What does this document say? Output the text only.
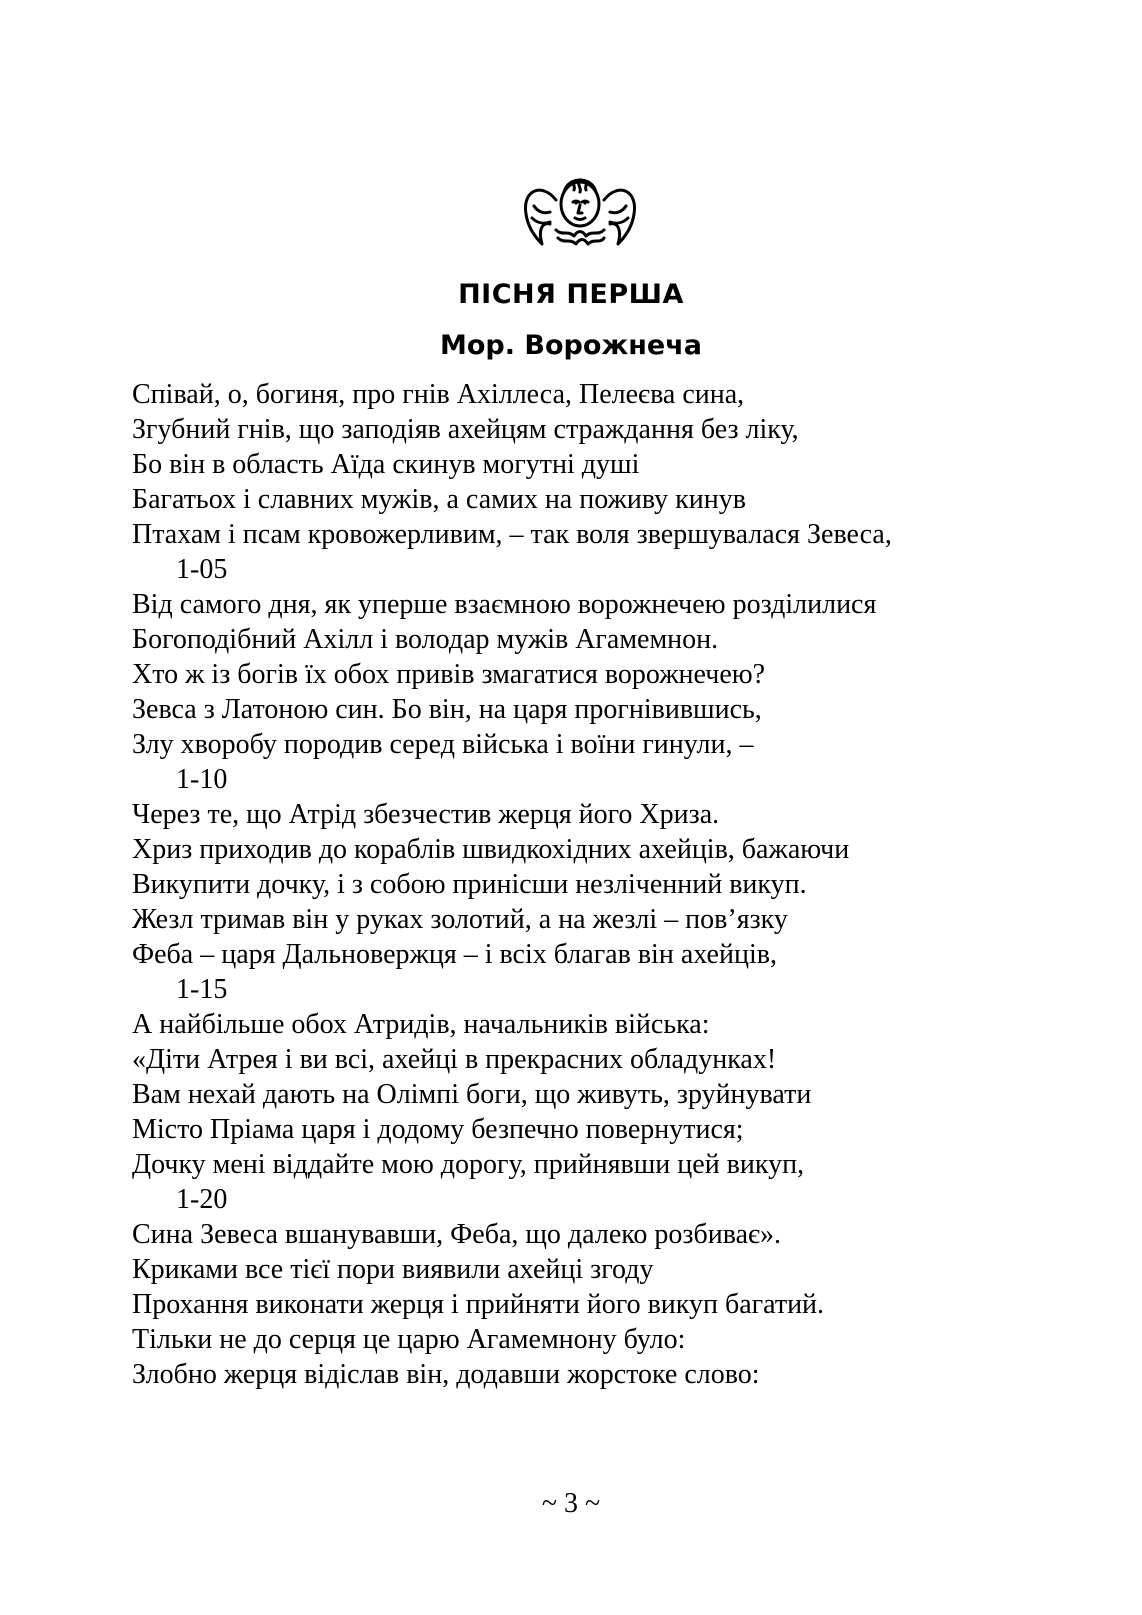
ПІСНЯ ПЕРША
Мор. Ворожнеча
Співай, о, богиня, про гнів Ахіллеса, Пелеєва сина,
Згубний гнів, що заподіяв ахейцям страждання без ліку,
Бо він в область Аїда скинув могутні душі
Багатьох і славних мужів, а самих на поживу кинув
Птахам і псам кровожерливим, – так воля звершувалася Зевеса,
1-05
Від самого дня, як уперше взаємною ворожнечею розділилися
Богоподібний Ахілл і володар мужів Агамемнон.
Хто ж із богів їх обох привів змагатися ворожнечею?
Зевса з Латоною син. Бо він, на царя прогнівившись,
Злу хворобу породив серед війська і воїни гинули, –
1-10
Через те, що Атрід збезчестив жерця його Хриза.
Хриз приходив до кораблів швидкохідних ахейців, бажаючи
Викупити дочку, і з собою принісши незліченний викуп.
Жезл тримав він у руках золотий, а на жезлі – пов’язку
Феба – царя Дальновержця – і всіх благав він ахейців,
1-15
А найбільше обох Атридів, начальників війська:
«Діти Атрея і ви всі, ахейці в прекрасних обладунках!
Вам нехай дають на Олімпі боги, що живуть, зруйнувати
Місто Пріама царя і додому безпечно повернутися;
Дочку мені віддайте мою дорогу, прийнявши цей викуп,
1-20
Сина Зевеса вшанувавши, Феба, що далеко розбиває».
Криками все тієї пори виявили ахейці згоду
Прохання виконати жерця і прийняти його викуп багатий.
Тільки не до серця це царю Агамемнону було:
Злобно жерця відіслав він, додавши жорстоке слово:
~ 3 ~
